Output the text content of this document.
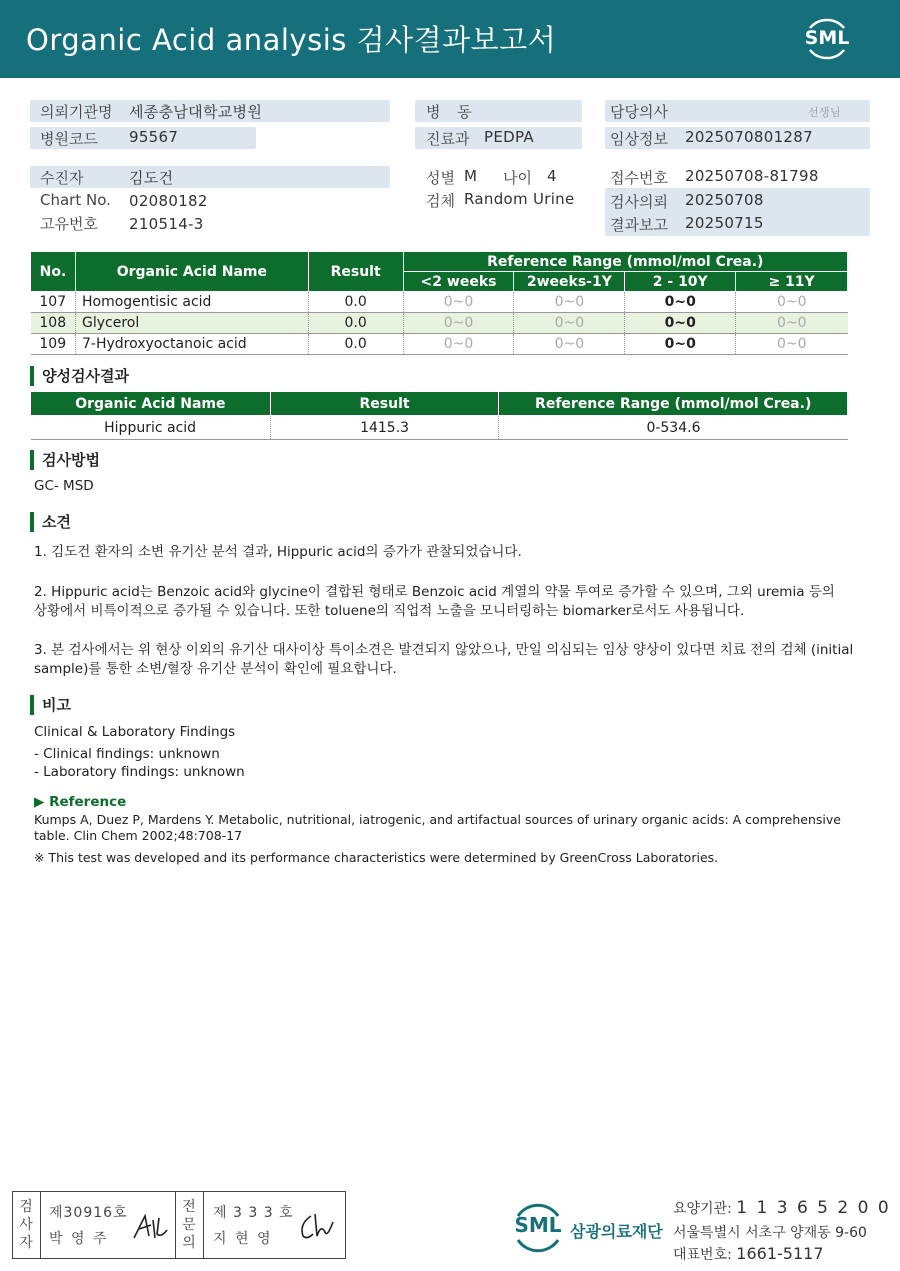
Organic Acid analysis 검사결과보고서	SML
의뢰기관명 세종충남대학교병원
병원코드 95567
병 동
진료과 PEDPA
담당의사	선생님
임상정보 2025070801287
수진자	김도건
Chart No. 02080182
고유번호 210514-3
성별 M 나이 4
검체 Random Urine
접수번호 20250708-81798
검사의뢰 20250708
결과보고 20250715
No.	Organic Acid Name	Result	Reference Range (mmol/mol Crea.)			
			<2 weeks	2weeks-1Y	2 - 10Y	≥ 11Y
107	Homogentisic acid	0.0	0~0	0~0	0~0	0~0
108	Glycerol	0.0	0~0	0~0	0~0	0~0
109	7-Hydroxyoctanoic acid	0.0	0~0	0~0	0~0	0~0
양성검사결과
Organic Acid Name	Result	Reference Range (mmol/mol Crea.)
Hippuric acid	1415.3	0-534.6
검사방법
GC- MSD
소견
1. 김도건 환자의 소변 유기산 분석 결과, Hippuric acid의 증가가 관찰되었습니다.
2. Hippuric acid는 Benzoic acid와 glycine이 결합된 형태로 Benzoic acid 계열의 약물 투여로 증가할 수 있으며, 그외 uremia 등의
상황에서 비특이적으로 증가될 수 있습니다. 또한 toluene의 직업적 노출을 모니터링하는 biomarker로서도 사용됩니다.
3. 본 검사에서는 위 현상 이외의 유기산 대사이상 특이소견은 발견되지 않았으나, 만일 의심되는 임상 양상이 있다면 치료 전의 검체 (initial
sample)를 통한 소변/혈장 유기산 분석이 확인에 필요합니다.
비고
Clinical & Laboratory Findings
- Clinical findings: unknown
- Laboratory findings: unknown
▶ Reference
Kumps A, Duez P, Mardens Y. Metabolic, nutritional, iatrogenic, and artifactual sources of urinary organic acids: A comprehensive
table. Clin Chem 2002;48:708-17
※ This test was developed and its performance characteristics were determined by GreenCross Laboratories.
검
사
자
제30916호
박 영 주
전
문
의
제 3 3 3 호
지 현 영
SML 삼광의료재단
요양기관: 1 1 3 6 5 2 0 0
서울특별시 서초구 양재동 9-60
대표번호: 1661-5117
